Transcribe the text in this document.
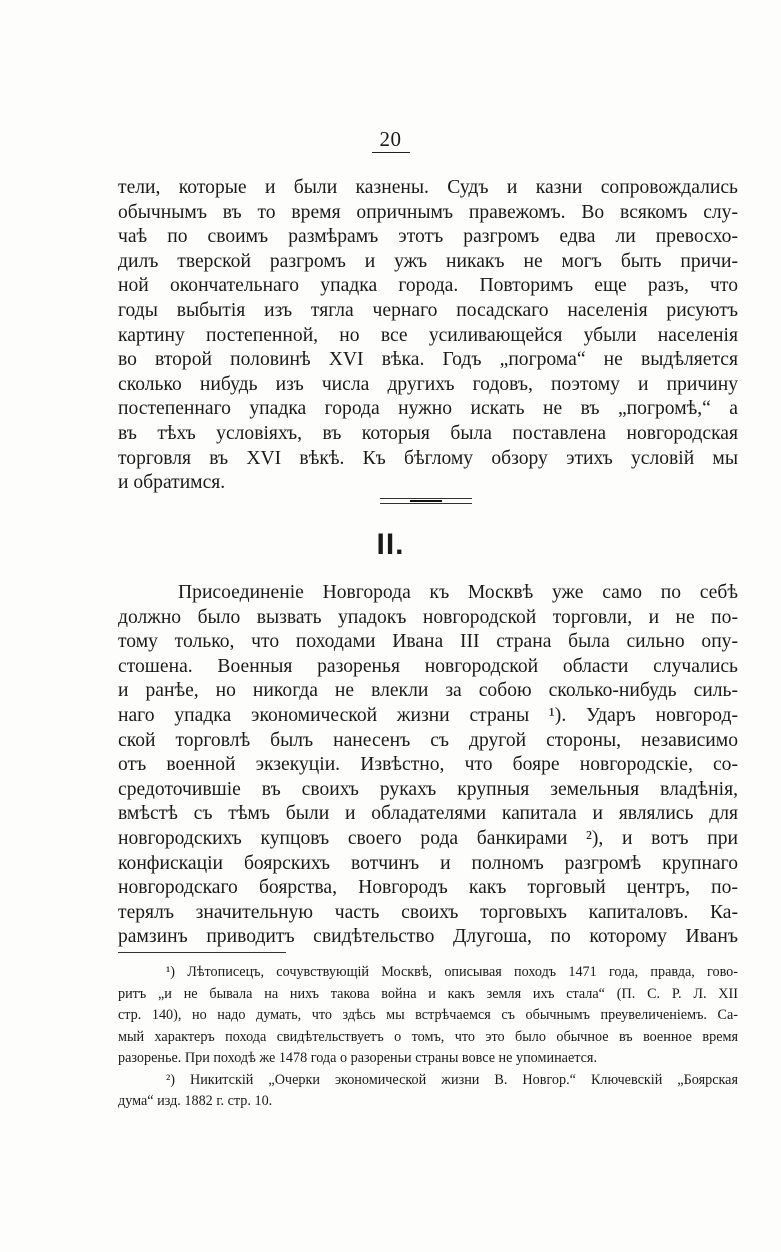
20
тели, которые и были казнены. Судъ и казни сопровождались
обычнымъ въ то время опричнымъ правежомъ. Во всякомъ слу-
чаѣ по своимъ размѣрамъ этотъ разгромъ едва ли превосхо-
дилъ тверской разгромъ и ужъ никакъ не могъ быть причи-
ной окончательнаго упадка города. Повторимъ еще разъ, что
годы выбытія изъ тягла чернаго посадскаго населенія рисуютъ
картину постепенной, но все усиливающейся убыли населенія
во второй половинѣ XVI вѣка. Годъ „погрома“ не выдѣляется
сколько нибудь изъ числа другихъ годовъ, поэтому и причину
постепеннаго упадка города нужно искать не въ „погромѣ,“ а
въ тѣхъ условіяхъ, въ которыя была поставлена новгородская
торговля въ XVI вѣкѣ. Къ бѣглому обзору этихъ условій мы
и обратимся.
II.
Присоединеніе Новгорода къ Москвѣ уже само по себѣ
должно было вызвать упадокъ новгородской торговли, и не по-
тому только, что походами Ивана III страна была сильно опу-
стошена. Военныя разоренья новгородской области случались
и ранѣе, но никогда не влекли за собою сколько-нибудь силь-
наго упадка экономической жизни страны ¹). Ударъ новгород-
ской торговлѣ былъ нанесенъ съ другой стороны, независимо
отъ военной экзекуціи. Извѣстно, что бояре новгородскіе, со-
средоточившіе въ своихъ рукахъ крупныя земельныя владѣнія,
вмѣстѣ съ тѣмъ были и обладателями капитала и являлись для
новгородскихъ купцовъ своего рода банкирами ²), и вотъ при
конфискаціи боярскихъ вотчинъ и полномъ разгромѣ крупнаго
новгородскаго боярства, Новгородъ какъ торговый центръ, по-
терялъ значительную часть своихъ торговыхъ капиталовъ. Ка-
рамзинъ приводитъ свидѣтельство Длугоша, по которому Иванъ
¹) Лѣтописецъ, сочувствующій Москвѣ, описывая походъ 1471 года, правда, гово-
ритъ „и не бывала на нихъ такова война и какъ земля ихъ стала“ (П. С. Р. Л. XII
стр. 140), но надо думать, что здѣсь мы встрѣчаемся съ обычнымъ преувеличеніемъ. Са-
мый характеръ похода свидѣтельствуетъ о томъ, что это было обычное въ военное время
разоренье. При походѣ же 1478 года о разореньи страны вовсе не упоминается.
²) Никитскій „Очерки экономической жизни В. Новгор.“ Ключевскій „Боярская
дума“ изд. 1882 г. стр. 10.
